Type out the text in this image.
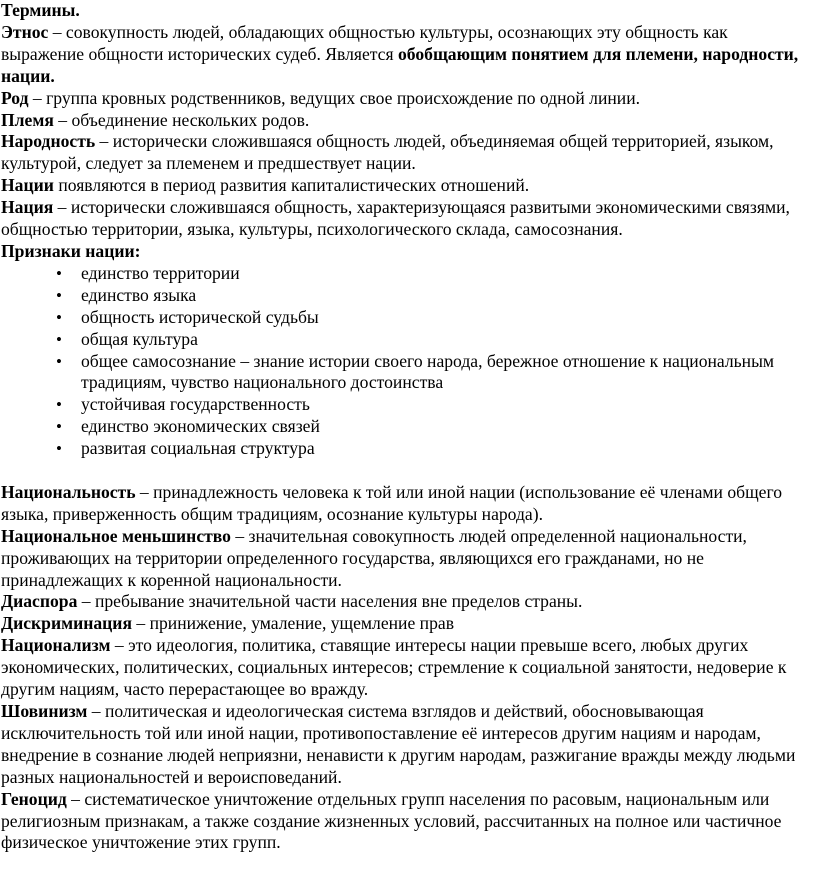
Термины.

Этнос – совокупность людей, обладающих общностью культуры, осознающих эту общность как выражение общности исторических судеб. Является обобщающим понятием для племени, народности, нации.

Род – группа кровных родственников, ведущих свое происхождение по одной линии.

Племя – объединение нескольких родов.

Народность – исторически сложившаяся общность людей, объединяемая общей территорией, языком, культурой, следует за племенем и предшествует нации.

Нации появляются в период развития капиталистических отношений.

Нация – исторически сложившаяся общность, характеризующаяся развитыми экономическими связями, общностью территории, языка, культуры, психологического склада, самосознания.

Признаки нации:

• единство территории
• единство языка
• общность исторической судьбы
• общая культура
• общее самосознание – знание истории своего народа, бережное отношение к национальным традициям, чувство национального достоинства
• устойчивая государственность
• единство экономических связей
• развитая социальная структура

Национальность – принадлежность человека к той или иной нации (использование её членами общего языка, приверженность общим традициям, осознание культуры народа).

Национальное меньшинство – значительная совокупность людей определенной национальности, проживающих на территории определенного государства, являющихся его гражданами, но не принадлежащих к коренной национальности.

Диаспора – пребывание значительной части населения вне пределов страны.

Дискриминация – принижение, умаление, ущемление прав

Национализм – это идеология, политика, ставящие интересы нации превыше всего, любых других экономических, политических, социальных интересов; стремление к социальной занятости, недоверие к другим нациям, часто перерастающее во вражду.

Шовинизм – политическая и идеологическая система взглядов и действий, обосновывающая исключительность той или иной нации, противопоставление её интересов другим нациям и народам, внедрение в сознание людей неприязни, ненависти к другим народам, разжигание вражды между людьми разных национальностей и вероисповеданий.

Геноцид – систематическое уничтожение отдельных групп населения по расовым, национальным или религиозным признакам, а также создание жизненных условий, рассчитанных на полное или частичное физическое уничтожение этих групп.
